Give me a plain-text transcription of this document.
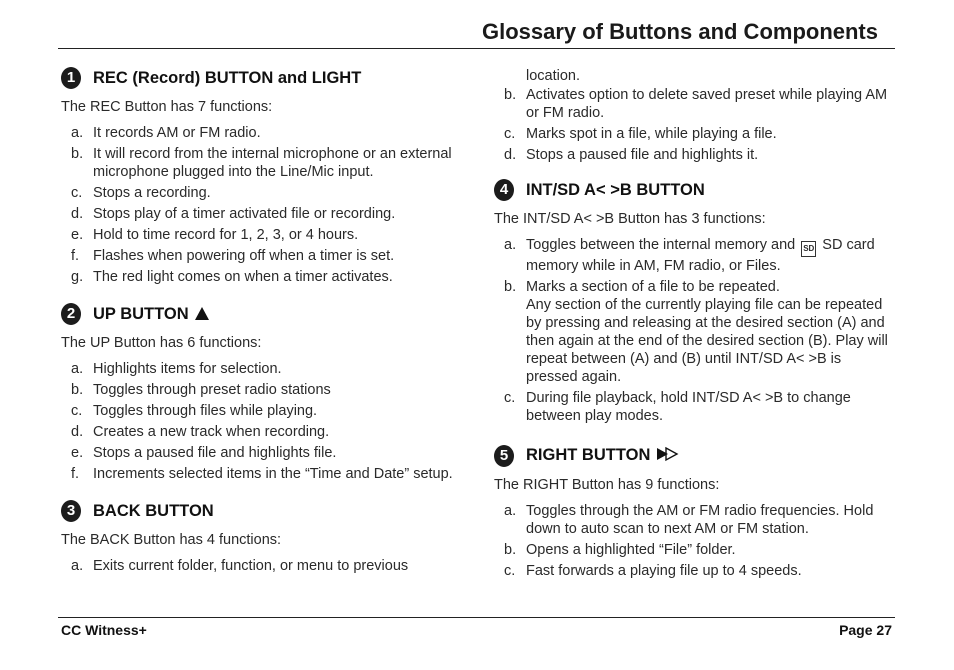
Glossary of Buttons and Components
1	REC (Record) BUTTON and LIGHT
The REC Button has 7 functions:
a. It records AM or FM radio.
b. It will record from the internal microphone or an external microphone plugged into the Line/Mic input.
c. Stops a recording.
d. Stops play of a timer activated file or recording.
e. Hold to time record for 1, 2, 3, or 4 hours.
f. Flashes when powering off when a timer is set.
g. The red light comes on when a timer activates.
2	UP BUTTON
The UP Button has 6 functions:
a. Highlights items for selection.
b. Toggles through preset radio stations
c. Toggles through files while playing.
d. Creates a new track when recording.
e. Stops a paused file and highlights file.
f. Increments selected items in the “Time and Date” setup.
3	BACK BUTTON
The BACK Button has 4 functions:
a. Exits current folder, function, or menu to previous
location.
b. Activates option to delete saved preset while playing AM or FM radio.
c. Marks spot in a file, while playing a file.
d. Stops a paused file and highlights it.
4	INT/SD A< >B BUTTON
The INT/SD A< >B Button has 3 functions:
a. Toggles between the internal memory and SD SD card memory while in AM, FM radio, or Files.
b. Marks a section of a file to be repeated.
Any section of the currently playing file can be repeated by pressing and releasing at the desired section (A) and then again at the end of the desired section (B). Play will repeat between (A) and (B) until INT/SD A< >B is pressed again.
c. During file playback, hold INT/SD A< >B to change between play modes.
5	RIGHT BUTTON
The RIGHT Button has 9 functions:
a. Toggles through the AM or FM radio frequencies. Hold down to auto scan to next AM or FM station.
b. Opens a highlighted “File” folder.
c. Fast forwards a playing file up to 4 speeds.
CC Witness+	Page 27
